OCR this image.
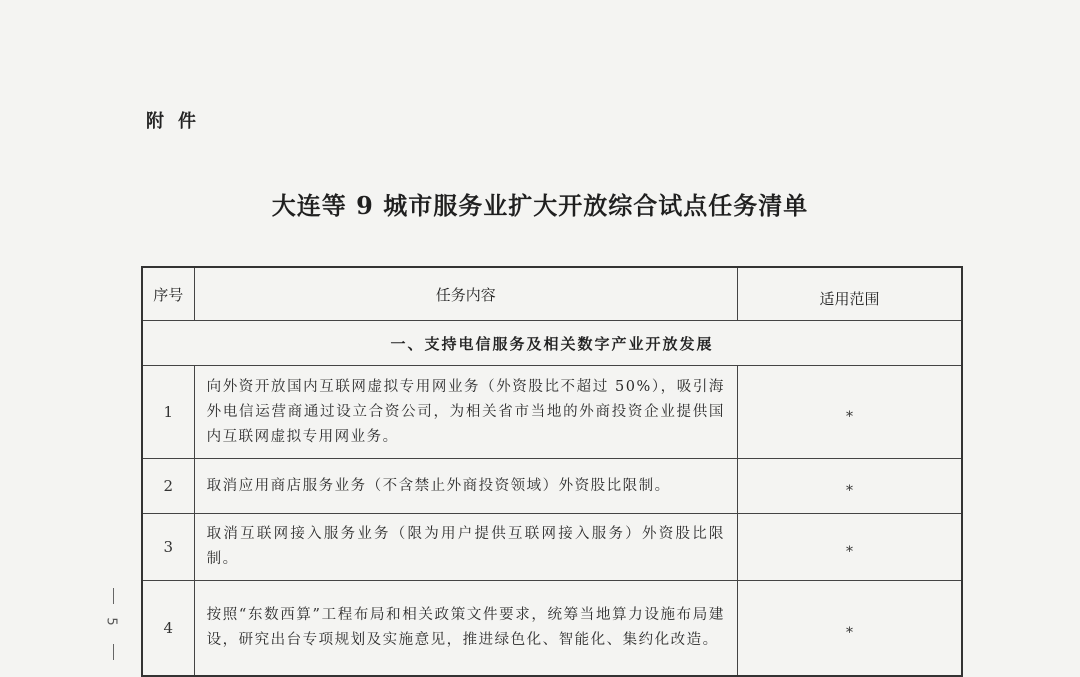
附件
大连等 9 城市服务业扩大开放综合试点任务清单
序号	任务内容	适用范围
一、支持电信服务及相关数字产业开放发展		
1	向外资开放国内互联网虚拟专用网业务（外资股比不超过 50%），吸引海外电信运营商通过设立合资公司，为相关省市当地的外商投资企业提供国内互联网虚拟专用网业务。	*
2	取消应用商店服务业务（不含禁止外商投资领域）外资股比限制。	*
3	取消互联网接入服务业务（限为用户提供互联网接入服务）外资股比限制。	*
4	按照“东数西算”工程布局和相关政策文件要求，统筹当地算力设施布局建设，研究出台专项规划及实施意见，推进绿色化、智能化、集约化改造。	*
5
